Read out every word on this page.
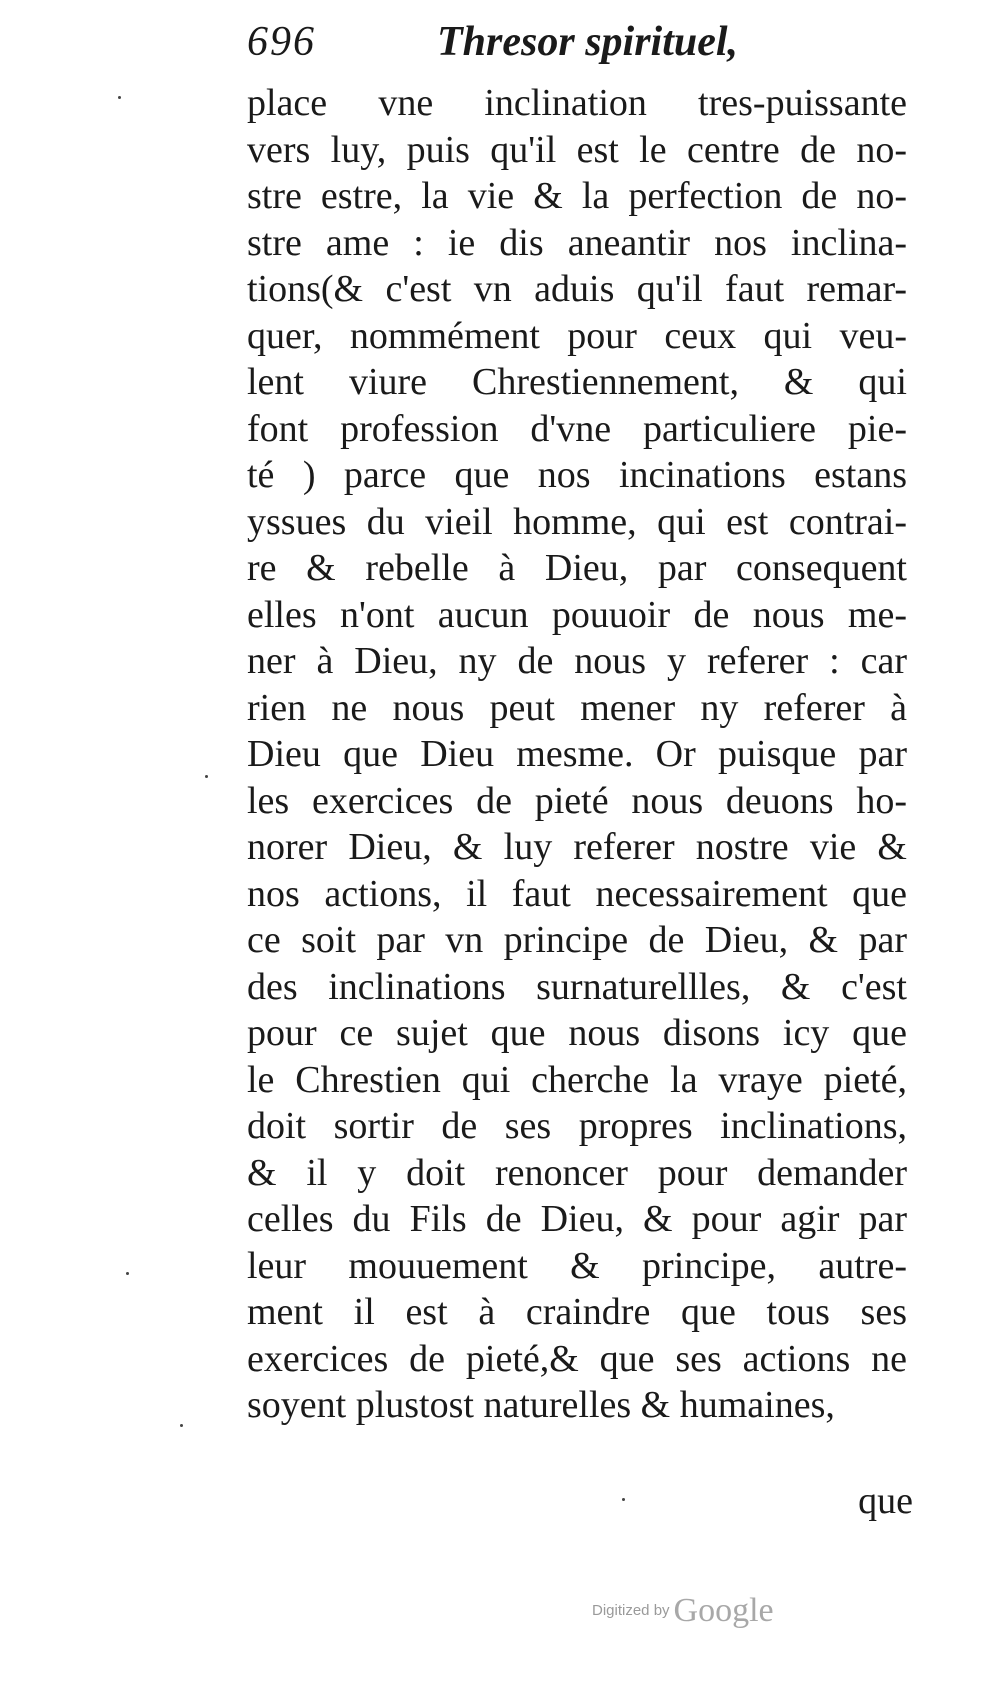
696	Thresor spirituel,
place vne inclination tres-puissante
vers luy, puis qu'il est le centre de no-
stre estre, la vie & la perfection de no-
stre ame : ie dis aneantir nos inclina-
tions(& c'est vn aduis qu'il faut remar-
quer, nommément pour ceux qui veu-
lent viure Chrestiennement, & qui
font profession d'vne particuliere pie-
té ) parce que nos incinations estans
yssues du vieil homme, qui est contrai-
re & rebelle à Dieu, par consequent
elles n'ont aucun pouuoir de nous me-
ner à Dieu, ny de nous y referer : car
rien ne nous peut mener ny referer à
Dieu que Dieu mesme. Or puisque par
les exercices de pieté nous deuons ho-
norer Dieu, & luy referer nostre vie &
nos actions, il faut necessairement que
ce soit par vn principe de Dieu, & par
des inclinations surnaturellles, & c'est
pour ce sujet que nous disons icy que
le Chrestien qui cherche la vraye pieté,
doit sortir de ses propres inclinations,
& il y doit renoncer pour demander
celles du Fils de Dieu, & pour agir par
leur mouuement & principe, autre-
ment il est à craindre que tous ses
exercices de pieté,& que ses actions ne
soyent plustost naturelles & humaines,
que
Digitized by Google
